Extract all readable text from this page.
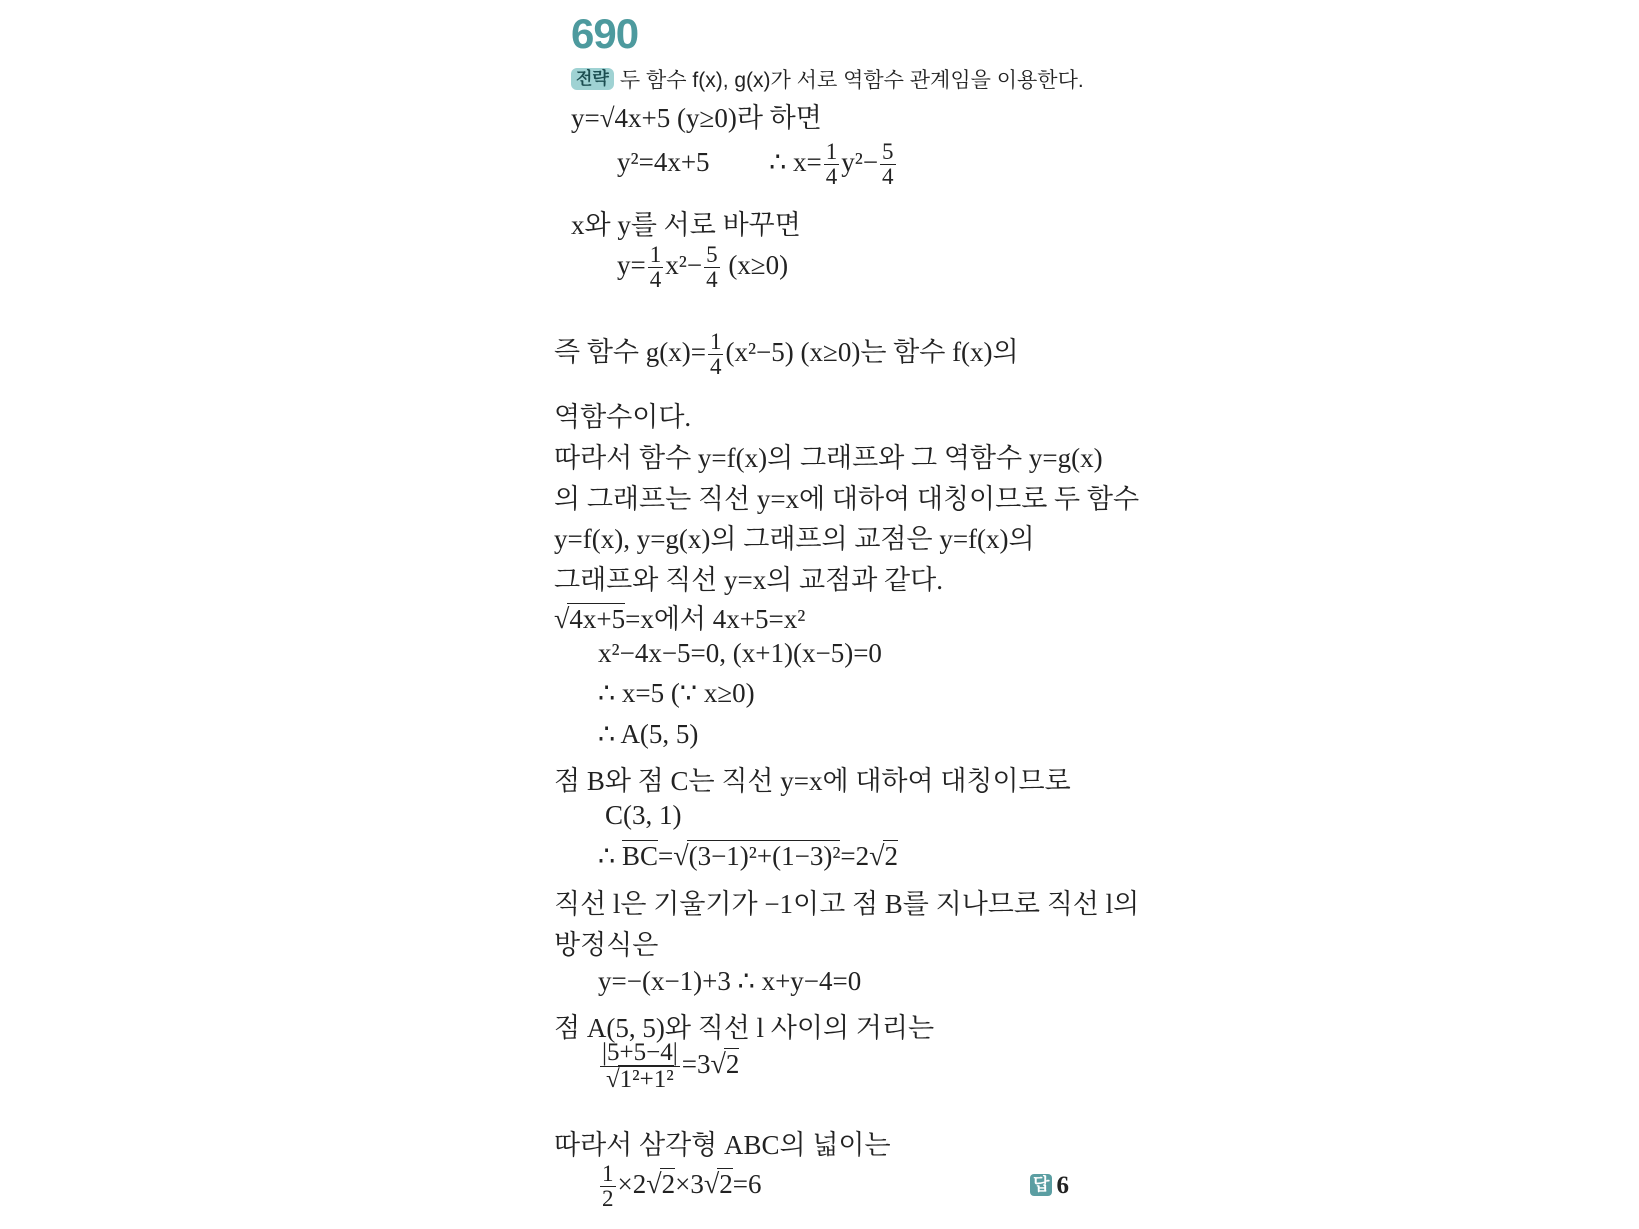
690
전략 두 함수 f(x), g(x)가 서로 역함수 관계임을 이용한다.
y=√4x+5 (y≥0)라 하면
y²=4x+5 ∴ $x= \frac{1}{4} y^2- \frac{5}{4}$
x와 y를 서로 바꾸면
$y= \frac{1}{4} x^2- \frac{5}{4} (x\ge 0)$
즉 함수 $g(x)= \frac{1}{4} (x^2-5)$ (x≥0)는 함수 f(x)의
역함수이다.
따라서 함수 y=f(x)의 그래프와 그 역함수 y=g(x)
의 그래프는 직선 y=x에 대하여 대칭이므로 두 함수
y=f(x), y=g(x)의 그래프의 교점은 y=f(x)의
그래프와 직선 y=x의 교점과 같다.
√4x+5=x에서 4x+5=x²
x²−4x−5=0, (x+1)(x−5)=0
∴ x=5 (∵ x≥0)
∴ A(5, 5)
점 B와 점 C는 직선 y=x에 대하여 대칭이므로
C(3, 1)
∴ BC=√(3−1)²+(1−3)²=2√2
직선 l은 기울기가 −1이고 점 B를 지나므로 직선 l의
방정식은
y=−(x−1)+3 ∴ x+y−4=0
점 A(5, 5)와 직선 l 사이의 거리는
$\frac{|5+5-4|}{\text{√1²+1²}} =3√2$
따라서 삼각형 ABC의 넓이는
$\frac{1}{2} \times 2√2\times 3√2=6$	답 6
